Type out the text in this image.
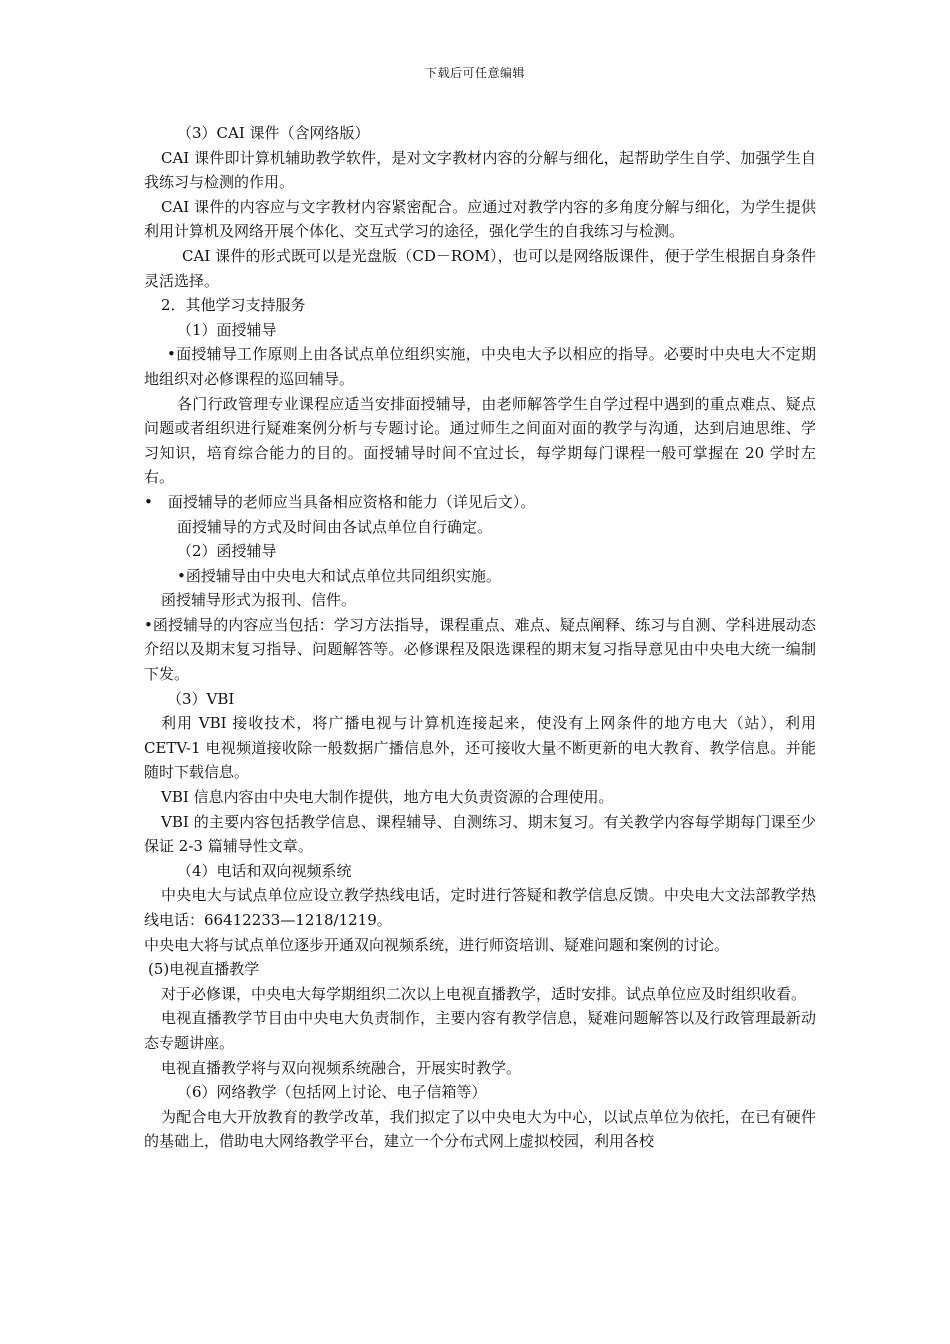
下载后可任意编辑

（3）CAI 课件（含网络版）

CAI 课件即计算机辅助教学软件，是对文字教材内容的分解与细化，起帮助学生自学、加强学生自我练习与检测的作用。

CAI 课件的内容应与文字教材内容紧密配合。应通过对教学内容的多角度分解与细化，为学生提供利用计算机及网络开展个体化、交互式学习的途径，强化学生的自我练习与检测。

CAI 课件的形式既可以是光盘版（CD－ROM），也可以是网络版课件，便于学生根据自身条件灵活选择。

2．其他学习支持服务

（1）面授辅导

•面授辅导工作原则上由各试点单位组织实施，中央电大予以相应的指导。必要时中央电大不定期地组织对必修课程的巡回辅导。

各门行政管理专业课程应适当安排面授辅导，由老师解答学生自学过程中遇到的重点难点、疑点问题或者组织进行疑难案例分析与专题讨论。通过师生之间面对面的教学与沟通，达到启迪思维、学习知识，培育综合能力的目的。面授辅导时间不宜过长，每学期每门课程一般可掌握在 20 学时左右。

•　面授辅导的老师应当具备相应资格和能力（详见后文）。

面授辅导的方式及时间由各试点单位自行确定。

（2）函授辅导

•函授辅导由中央电大和试点单位共同组织实施。

函授辅导形式为报刊、信件。

•函授辅导的内容应当包括：学习方法指导，课程重点、难点、疑点阐释、练习与自测、学科进展动态介绍以及期末复习指导、问题解答等。必修课程及限选课程的期末复习指导意见由中央电大统一编制下发。

（3）VBI

利用 VBI 接收技术，将广播电视与计算机连接起来，使没有上网条件的地方电大（站），利用 CETV-1 电视频道接收除一般数据广播信息外，还可接收大量不断更新的电大教育、教学信息。并能随时下载信息。

VBI 信息内容由中央电大制作提供，地方电大负责资源的合理使用。

VBI 的主要内容包括教学信息、课程辅导、自测练习、期末复习。有关教学内容每学期每门课至少保证 2-3 篇辅导性文章。

（4）电话和双向视频系统

中央电大与试点单位应设立教学热线电话，定时进行答疑和教学信息反馈。中央电大文法部教学热线电话：66412233—1218/1219。

中央电大将与试点单位逐步开通双向视频系统，进行师资培训、疑难问题和案例的讨论。

(5)电视直播教学

对于必修课，中央电大每学期组织二次以上电视直播教学，适时安排。试点单位应及时组织收看。

电视直播教学节目由中央电大负责制作，主要内容有教学信息，疑难问题解答以及行政管理最新动态专题讲座。

电视直播教学将与双向视频系统融合，开展实时教学。

（6）网络教学（包括网上讨论、电子信箱等）

为配合电大开放教育的教学改革，我们拟定了以中央电大为中心，以试点单位为依托，在已有硬件的基础上，借助电大网络教学平台，建立一个分布式网上虚拟校园，利用各校
